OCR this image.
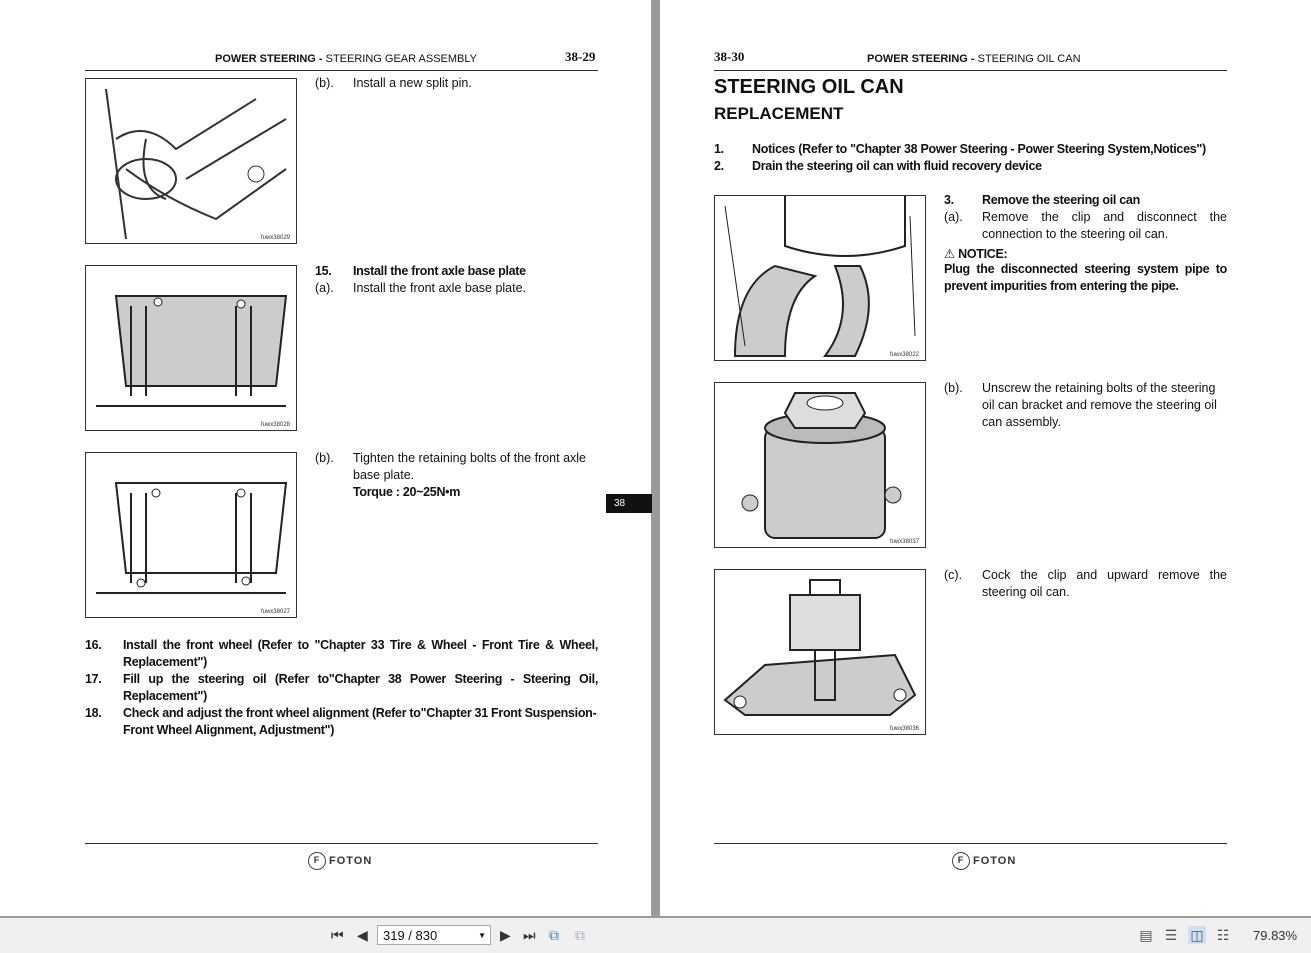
POWER STEERING - STEERING GEAR ASSEMBLY	38-29
fuwx38029
(b). Install a new split pin.
fuwx38028
15. Install the front axle base plate
(a). Install the front axle base plate.
fuwx38027
(b). Tighten the retaining bolts of the front axle base plate.
Torque : 20~25N•m
16. Install the front wheel (Refer to "Chapter 33 Tire & Wheel - Front Tire & Wheel, Replacement")
17. Fill up the steering oil (Refer to"Chapter 38 Power Steering - Steering Oil, Replacement")
18. Check and adjust the front wheel alignment (Refer to"Chapter 31 Front Suspension-Front Wheel Alignment, Adjustment")
F FOTON
38
38-30	POWER STEERING - STEERING OIL CAN
STEERING OIL CAN
REPLACEMENT
1. Notices (Refer to "Chapter 38 Power Steering - Power Steering System,Notices")
2. Drain the steering oil can with fluid recovery device
fuwx38022
3. Remove the steering oil can
(a). Remove the clip and disconnect the connection to the steering oil can.
⚠ NOTICE:
Plug the disconnected steering system pipe to prevent impurities from entering the pipe.
fuwx38037
(b). Unscrew the retaining bolts of the steering oil can bracket and remove the steering oil can assembly.
fuwx38036
(c). Cock the clip and upward remove the steering oil can.
F FOTON
⏮ ◀	319 / 830	▼ ▶ ⏭ ⧉ ⧉	▤ ☰ ◫ ☷ 79.83%
